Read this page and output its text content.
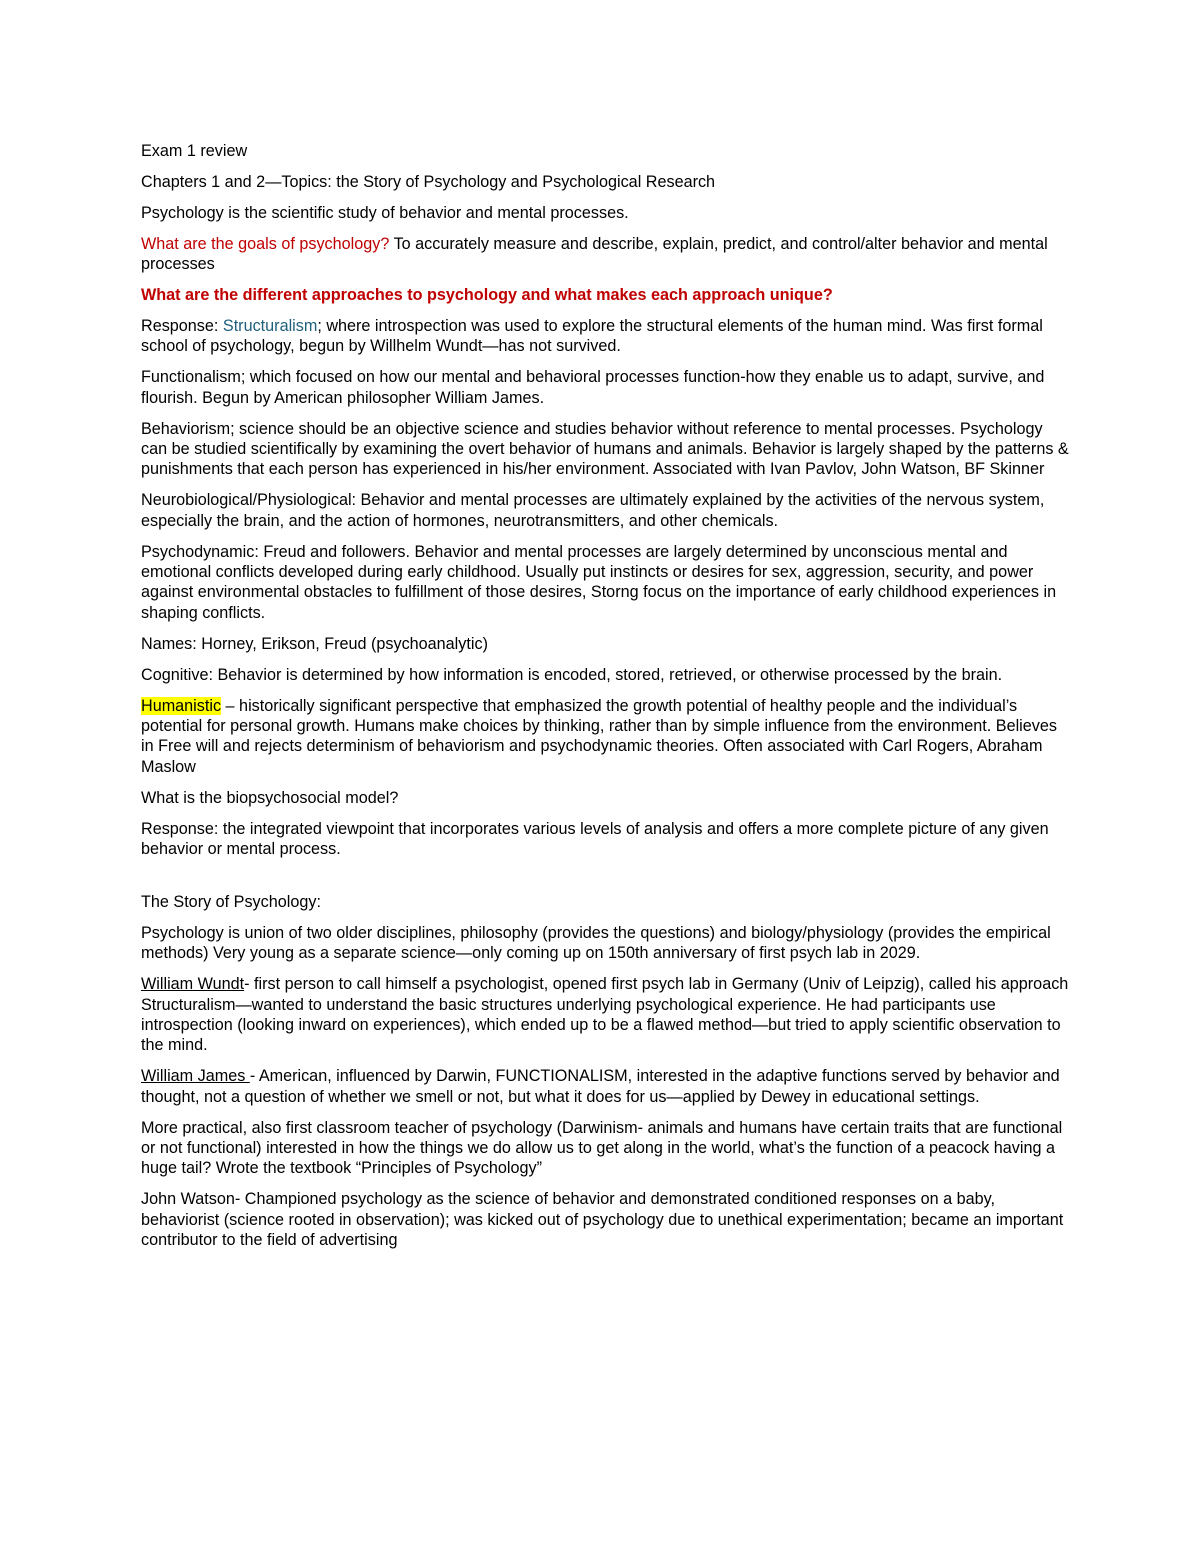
Exam 1 review

Chapters 1 and 2—Topics: the Story of Psychology and Psychological Research

Psychology is the scientific study of behavior and mental processes.

What are the goals of psychology? To accurately measure and describe, explain, predict, and control/alter behavior and mental processes

What are the different approaches to psychology and what makes each approach unique?

Response: Structuralism; where introspection was used to explore the structural elements of the human mind. Was first formal school of psychology, begun by Willhelm Wundt—has not survived.

Functionalism; which focused on how our mental and behavioral processes function-how they enable us to adapt, survive, and flourish. Begun by American philosopher William James.

Behaviorism; science should be an objective science and studies behavior without reference to mental processes. Psychology can be studied scientifically by examining the overt behavior of humans and animals. Behavior is largely shaped by the patterns & punishments that each person has experienced in his/her environment. Associated with Ivan Pavlov, John Watson, BF Skinner

Neurobiological/Physiological: Behavior and mental processes are ultimately explained by the activities of the nervous system, especially the brain, and the action of hormones, neurotransmitters, and other chemicals.

Psychodynamic: Freud and followers. Behavior and mental processes are largely determined by unconscious mental and emotional conflicts developed during early childhood. Usually put instincts or desires for sex, aggression, security, and power against environmental obstacles to fulfillment of those desires, Storng focus on the importance of early childhood experiences in shaping conflicts.

Names: Horney, Erikson, Freud (psychoanalytic)

Cognitive: Behavior is determined by how information is encoded, stored, retrieved, or otherwise processed by the brain.

Humanistic – historically significant perspective that emphasized the growth potential of healthy people and the individual’s potential for personal growth. Humans make choices by thinking, rather than by simple influence from the environment. Believes in Free will and rejects determinism of behaviorism and psychodynamic theories. Often associated with Carl Rogers, Abraham Maslow

What is the biopsychosocial model?

Response: the integrated viewpoint that incorporates various levels of analysis and offers a more complete picture of any given behavior or mental process.

The Story of Psychology:

Psychology is union of two older disciplines, philosophy (provides the questions) and biology/physiology (provides the empirical methods) Very young as a separate science—only coming up on 150th anniversary of first psych lab in 2029.

William Wundt- first person to call himself a psychologist, opened first psych lab in Germany (Univ of Leipzig), called his approach Structuralism—wanted to understand the basic structures underlying psychological experience. He had participants use introspection (looking inward on experiences), which ended up to be a flawed method—but tried to apply scientific observation to the mind.

William James - American, influenced by Darwin, FUNCTIONALISM, interested in the adaptive functions served by behavior and thought, not a question of whether we smell or not, but what it does for us—applied by Dewey in educational settings.

More practical, also first classroom teacher of psychology (Darwinism- animals and humans have certain traits that are functional or not functional) interested in how the things we do allow us to get along in the world, what’s the function of a peacock having a huge tail? Wrote the textbook “Principles of Psychology”

John Watson- Championed psychology as the science of behavior and demonstrated conditioned responses on a baby, behaviorist (science rooted in observation); was kicked out of psychology due to unethical experimentation; became an important contributor to the field of advertising
